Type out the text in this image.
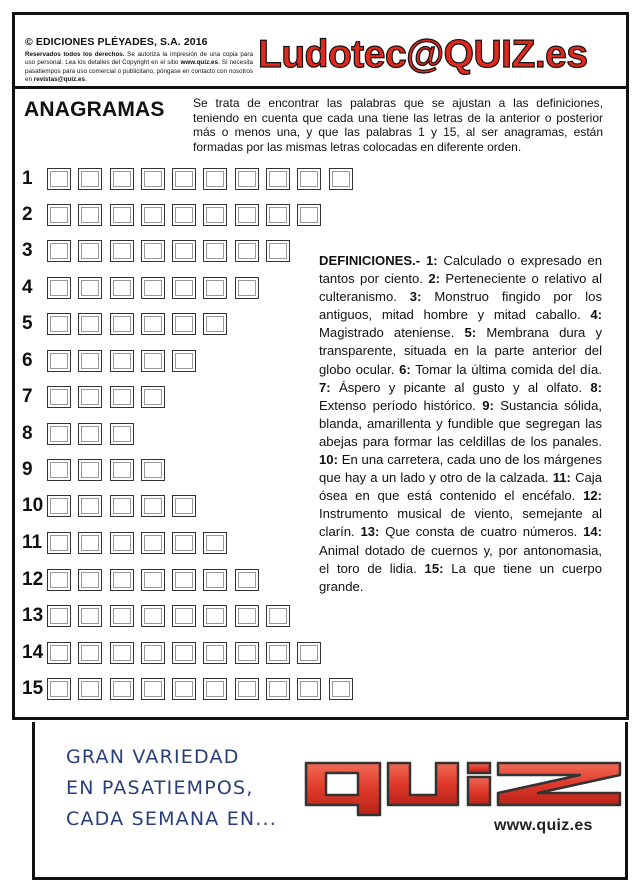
© EDICIONES PLÉYADES, S.A. 2016
Reservados todos los derechos. Se autoriza la impresión de una copia para uso personal. Lea los detalles del Copyright en el sitio www.quiz.es. Si necesita pasatiempos para uso comercial o publicitario, póngase en contacto con nosotros en revistas@quiz.es.
Ludotec@QUIZ.es
ANAGRAMAS Se trata de encontrar las palabras que se ajustan a las definiciones, teniendo en cuenta que cada una tiene las letras de la anterior o posterior más o menos una, y que las palabras 1 y 15, al ser anagramas, están formadas por las mismas letras colocadas en diferente orden.
1
2
3
4
5
6
7
8
9
10
11
12
13
14
15
DEFINICIONES.- 1: Calculado o expresado en tantos por ciento. 2: Perteneciente o relativo al culteranismo. 3: Monstruo fingido por los antiguos, mitad hombre y mitad caballo. 4: Magistrado ateniense. 5: Membrana dura y transparente, situada en la parte anterior del globo ocular. 6: Tomar la última comida del día. 7: Áspero y picante al gusto y al olfato. 8: Extenso período histórico. 9: Sustancia sólida, blanda, amarillenta y fundible que segregan las abejas para formar las celdillas de los panales. 10: En una carretera, cada uno de los márgenes que hay a un lado y otro de la calzada. 11: Caja ósea en que está contenido el encéfalo. 12: Instrumento musical de viento, semejante al clarín. 13: Que consta de cuatro números. 14: Animal dotado de cuernos y, por antonomasia, el toro de lidia. 15: La que tiene un cuerpo grande.
GRAN VARIEDAD
EN PASATIEMPOS,
CADA SEMANA EN...	www.quiz.es
